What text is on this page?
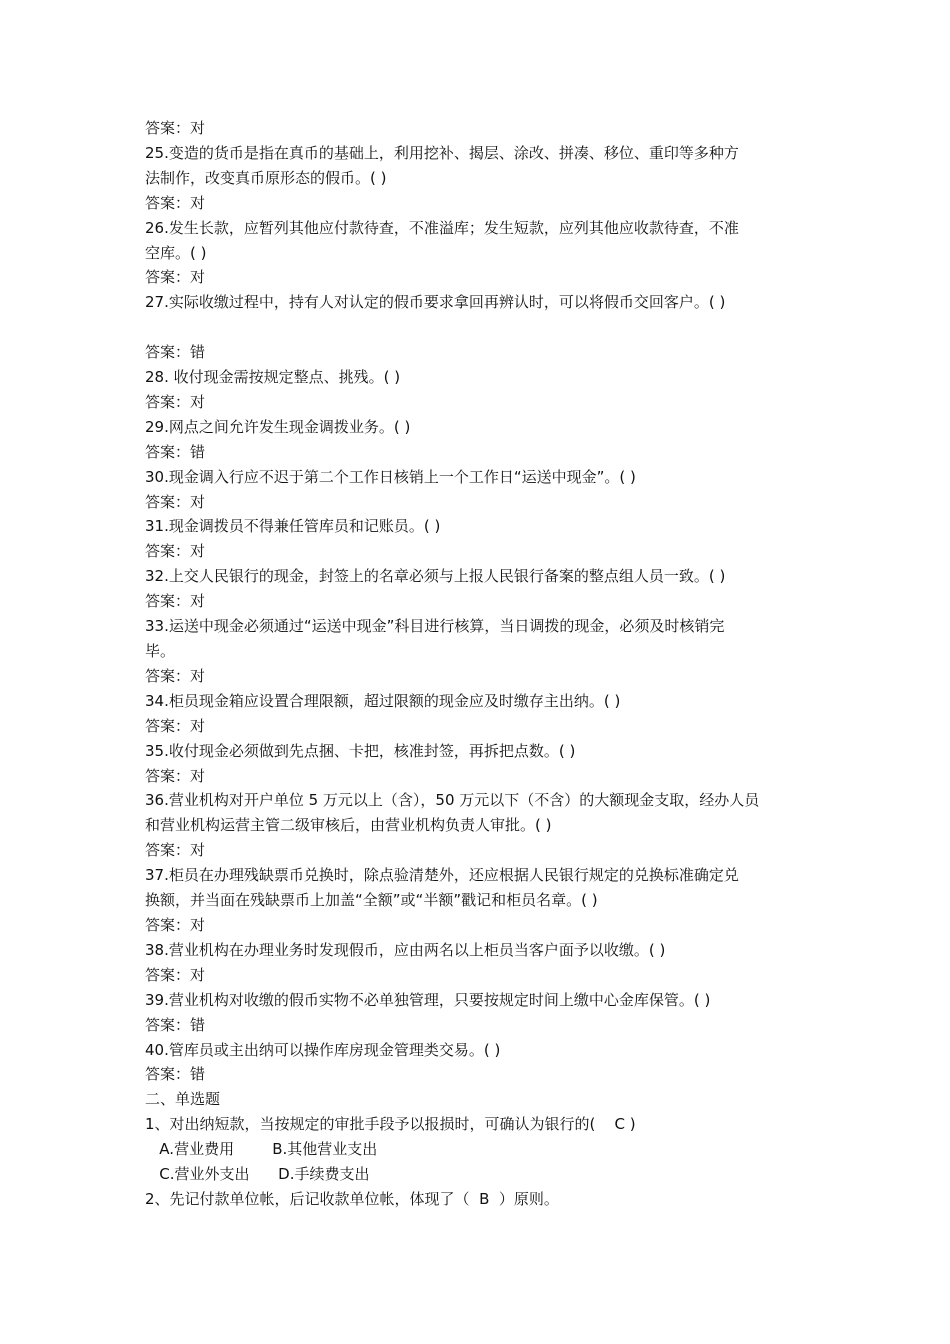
答案：对
25.变造的货币是指在真币的基础上，利用挖补、揭层、涂改、拼凑、移位、重印等多种方
法制作，改变真币原形态的假币。( )
答案：对
26.发生长款，应暂列其他应付款待查，不准溢库；发生短款，应列其他应收款待查，不准
空库。( )
答案：对
27.实际收缴过程中，持有人对认定的假币要求拿回再辨认时，可以将假币交回客户。( )
答案：错
28. 收付现金需按规定整点、挑残。( )
答案：对
29.网点之间允许发生现金调拨业务。( )
答案：错
30.现金调入行应不迟于第二个工作日核销上一个工作日“运送中现金”。( )
答案：对
31.现金调拨员不得兼任管库员和记账员。( )
答案：对
32.上交人民银行的现金，封签上的名章必须与上报人民银行备案的整点组人员一致。( )
答案：对
33.运送中现金必须通过“运送中现金”科目进行核算，当日调拨的现金，必须及时核销完
毕。
答案：对
34.柜员现金箱应设置合理限额，超过限额的现金应及时缴存主出纳。( )
答案：对
35.收付现金必须做到先点捆、卡把，核准封签，再拆把点数。( )
答案：对
36.营业机构对开户单位 5 万元以上（含），50 万元以下（不含）的大额现金支取，经办人员
和营业机构运营主管二级审核后，由营业机构负责人审批。( )
答案：对
37.柜员在办理残缺票币兑换时，除点验清楚外，还应根据人民银行规定的兑换标准确定兑
换额，并当面在残缺票币上加盖“全额”或“半额”戳记和柜员名章。( )
答案：对
38.营业机构在办理业务时发现假币，应由两名以上柜员当客户面予以收缴。( )
答案：对
39.营业机构对收缴的假币实物不必单独管理，只要按规定时间上缴中心金库保管。( )
答案：错
40.管库员或主出纳可以操作库房现金管理类交易。( )
答案：错
二、单选题
1、对出纳短款，当按规定的审批手段予以报损时，可确认为银行的(    C )
A.营业费用        B.其他营业支出
C.营业外支出      D.手续费支出
2、先记付款单位帐，后记收款单位帐，体现了（  B  ）原则。
